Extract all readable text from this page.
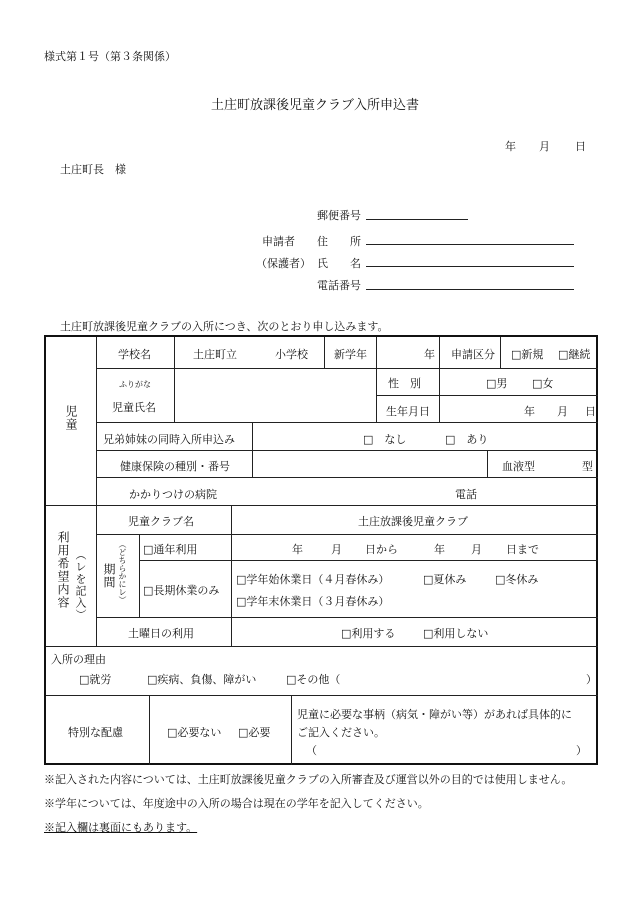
様式第１号（第３条関係）
土庄町放課後児童クラブ入所申込書
年 月 日
土庄町長　様
郵便番号
申請者 住　　所
（保護者） 氏　　名
電話番号
土庄町放課後児童クラブの入所につき、次のとおり申し込みます。
児童
学校名	土庄町立	小学校 新学年	年 申請区分 □新規 □継続
ふりがな
児童氏名
性　別	□男 □女
生年月日	年 月 日
兄弟姉妹の同時入所申込み	□　なし	□　あり
健康保険の種別・番号	血液型	型
かかりつけの病院	電話
利用希望内容 （レを記入）
児童クラブ名	土庄放課後児童クラブ
期間 （どちらかにレ） □通年利用	年	月 日から	年 月 日まで
□長期休業のみ
□学年始休業日（４月春休み）	□夏休み	□冬休み
□学年末休業日（３月春休み）
土曜日の利用	□利用する	□利用しない
入所の理由
□就労	□疾病、負傷、障がい	□その他（	）
特別な配慮	□必要ない □必要
児童に必要な事柄（病気・障がい等）があれば具体的に
ご記入ください。
（	）
※記入された内容については、土庄町放課後児童クラブの入所審査及び運営以外の目的では使用しません。
※学年については、年度途中の入所の場合は現在の学年を記入してください。
※記入欄は裏面にもあります。
